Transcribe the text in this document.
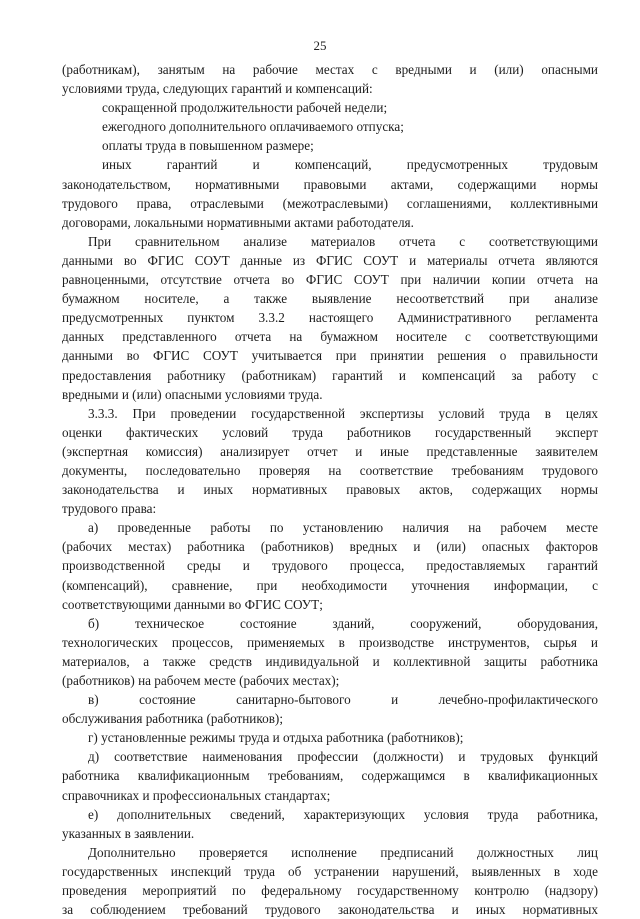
25
(работникам), занятым на рабочие местах с вредными и (или) опасными
условиями труда, следующих гарантий и компенсаций:
сокращенной продолжительности рабочей недели;
ежегодного дополнительного оплачиваемого отпуска;
оплаты труда в повышенном размере;
иных гарантий и компенсаций, предусмотренных трудовым
законодательством, нормативными правовыми актами, содержащими нормы
трудового права, отраслевыми (межотраслевыми) соглашениями, коллективными
договорами, локальными нормативными актами работодателя.
При сравнительном анализе материалов отчета с соответствующими
данными во ФГИС СОУТ данные из ФГИС СОУТ и материалы отчета являются
равноценными, отсутствие отчета во ФГИС СОУТ при наличии копии отчета на
бумажном носителе, а также выявление несоответствий при анализе
предусмотренных пунктом 3.3.2 настоящего Административного регламента
данных представленного отчета на бумажном носителе с соответствующими
данными во ФГИС СОУТ учитывается при принятии решения о правильности
предоставления работнику (работникам) гарантий и компенсаций за работу с
вредными и (или) опасными условиями труда.
3.3.3. При проведении государственной экспертизы условий труда в целях
оценки фактических условий труда работников государственный эксперт
(экспертная комиссия) анализирует отчет и иные представленные заявителем
документы, последовательно проверяя на соответствие требованиям трудового
законодательства и иных нормативных правовых актов, содержащих нормы
трудового права:
а) проведенные работы по установлению наличия на рабочем месте
(рабочих местах) работника (работников) вредных и (или) опасных факторов
производственной среды и трудового процесса, предоставляемых гарантий
(компенсаций), сравнение, при необходимости уточнения информации, с
соответствующими данными во ФГИС СОУТ;
б) техническое состояние зданий, сооружений, оборудования,
технологических процессов, применяемых в производстве инструментов, сырья и
материалов, а также средств индивидуальной и коллективной защиты работника
(работников) на рабочем месте (рабочих местах);
в) состояние санитарно-бытового и лечебно-профилактического
обслуживания работника (работников);
г) установленные режимы труда и отдыха работника (работников);
д) соответствие наименования профессии (должности) и трудовых функций
работника квалификационным требованиям, содержащимся в квалификационных
справочниках и профессиональных стандартах;
е) дополнительных сведений, характеризующих условия труда работника,
указанных в заявлении.
Дополнительно проверяется исполнение предписаний должностных лиц
государственных инспекций труда об устранении нарушений, выявленных в ходе
проведения мероприятий по федеральному государственному контролю (надзору)
за соблюдением требований трудового законодательства и иных нормативных
